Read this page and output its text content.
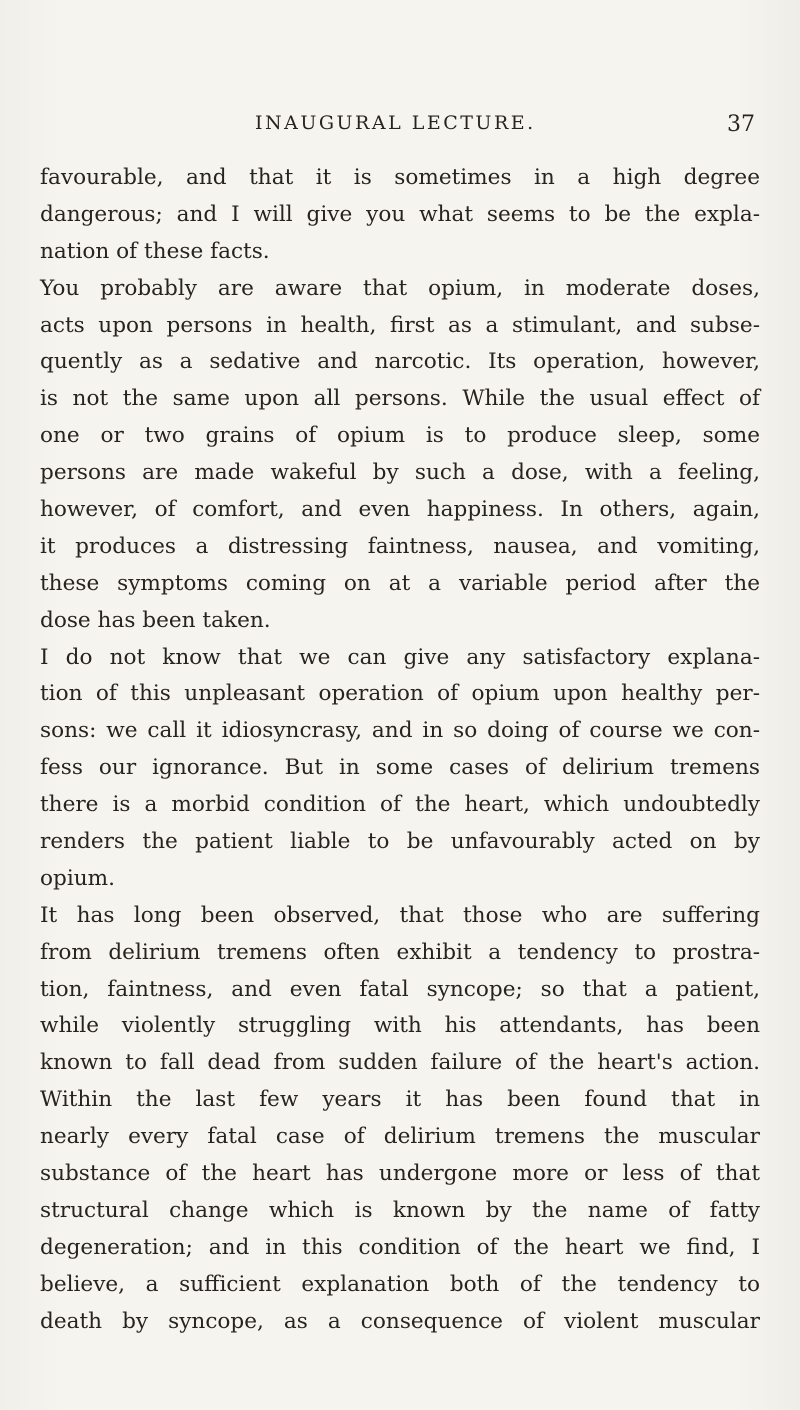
INAUGURAL LECTURE.	37
favourable, and that it is sometimes in a high degree
dangerous; and I will give you what seems to be the expla-
nation of these facts.
You probably are aware that opium, in moderate doses,
acts upon persons in health, first as a stimulant, and subse-
quently as a sedative and narcotic. Its operation, however,
is not the same upon all persons. While the usual effect of
one or two grains of opium is to produce sleep, some
persons are made wakeful by such a dose, with a feeling,
however, of comfort, and even happiness. In others, again,
it produces a distressing faintness, nausea, and vomiting,
these symptoms coming on at a variable period after the
dose has been taken.
I do not know that we can give any satisfactory explana-
tion of this unpleasant operation of opium upon healthy per-
sons: we call it idiosyncrasy, and in so doing of course we con-
fess our ignorance. But in some cases of delirium tremens
there is a morbid condition of the heart, which undoubtedly
renders the patient liable to be unfavourably acted on by
opium.
It has long been observed, that those who are suffering
from delirium tremens often exhibit a tendency to prostra-
tion, faintness, and even fatal syncope; so that a patient,
while violently struggling with his attendants, has been
known to fall dead from sudden failure of the heart's action.
Within the last few years it has been found that in
nearly every fatal case of delirium tremens the muscular
substance of the heart has undergone more or less of that
structural change which is known by the name of fatty
degeneration; and in this condition of the heart we find, I
believe, a sufficient explanation both of the tendency to
death by syncope, as a consequence of violent muscular
